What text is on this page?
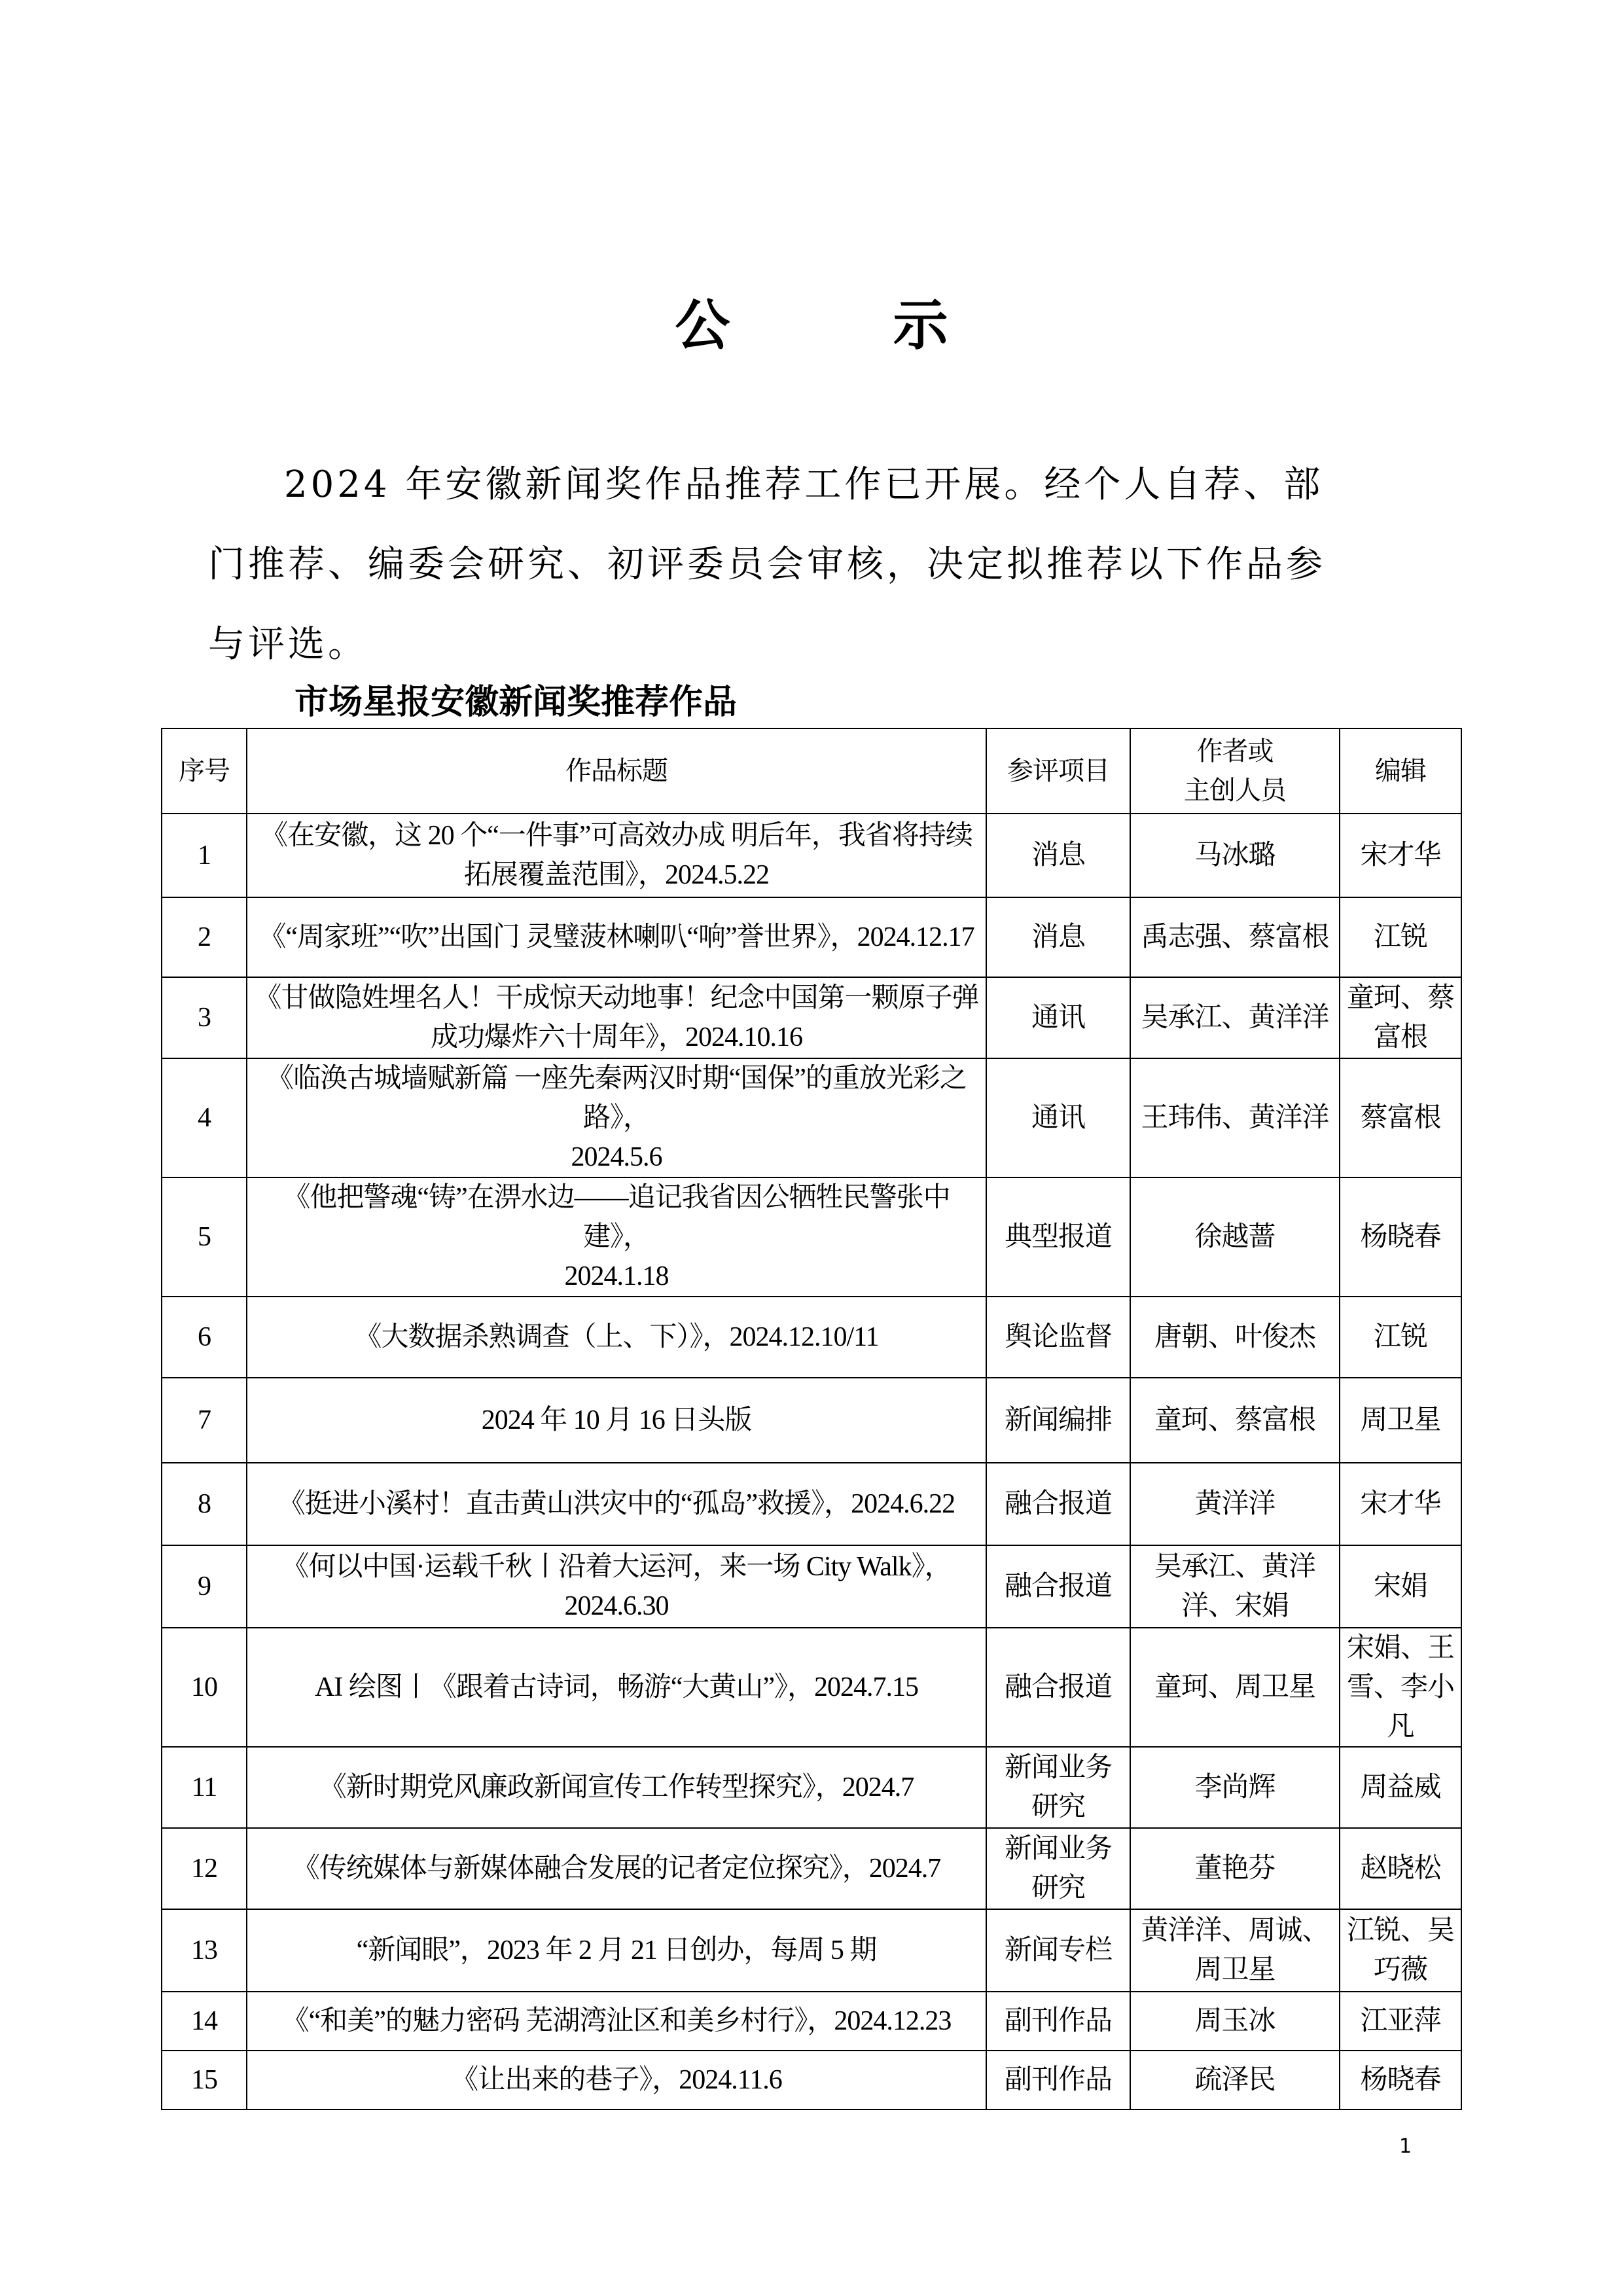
公 示
2024 年安徽新闻奖作品推荐工作已开展。经个人自荐、部
门推荐、编委会研究、初评委员会审核，决定拟推荐以下作品参
与评选。
市场星报安徽新闻奖推荐作品
序号	作品标题	参评项目	作者或
主创人员	编辑
1	《在安徽，这 20 个“一件事”可高效办成 明后年，我省将持续
拓展覆盖范围》，2024.5.22	消息	马冰璐	宋才华
2	《“周家班”“吹”出国门 灵璧菠林喇叭“响”誉世界》，2024.12.17	消息	禹志强、蔡富根	江锐
3	《甘做隐姓埋名人！干成惊天动地事！纪念中国第一颗原子弹
成功爆炸六十周年》，2024.10.16	通讯	吴承江、黄洋洋	童珂、蔡富根
4	《临涣古城墙赋新篇 一座先秦两汉时期“国保”的重放光彩之路》，
2024.5.6	通讯	王玮伟、黄洋洋	蔡富根
5	《他把警魂“铸”在淠水边——追记我省因公牺牲民警张中建》，
2024.1.18	典型报道	徐越蔷	杨晓春
6	《大数据杀熟调查（上、下）》，2024.12.10/11	舆论监督	唐朝、叶俊杰	江锐
7	2024 年 10 月 16 日头版	新闻编排	童珂、蔡富根	周卫星
8	《挺进小溪村！直击黄山洪灾中的“孤岛”救援》，2024.6.22	融合报道	黄洋洋	宋才华
9	《何以中国·运载千秋丨沿着大运河，来一场 City Walk》，
2024.6.30	融合报道	吴承江、黄洋洋、宋娟	宋娟
10	AI 绘图丨《跟着古诗词，畅游“大黄山”》，2024.7.15	融合报道	童珂、周卫星	宋娟、王雪、李小凡
11	《新时期党风廉政新闻宣传工作转型探究》，2024.7	新闻业务研究	李尚辉	周益威
12	《传统媒体与新媒体融合发展的记者定位探究》，2024.7	新闻业务研究	董艳芬	赵晓松
13	“新闻眼”，2023 年 2 月 21 日创办，每周 5 期	新闻专栏	黄洋洋、周诚、周卫星	江锐、吴巧薇
14	《“和美”的魅力密码 芜湖湾沚区和美乡村行》，2024.12.23	副刊作品	周玉冰	江亚萍
15	《让出来的巷子》，2024.11.6	副刊作品	疏泽民	杨晓春
1
